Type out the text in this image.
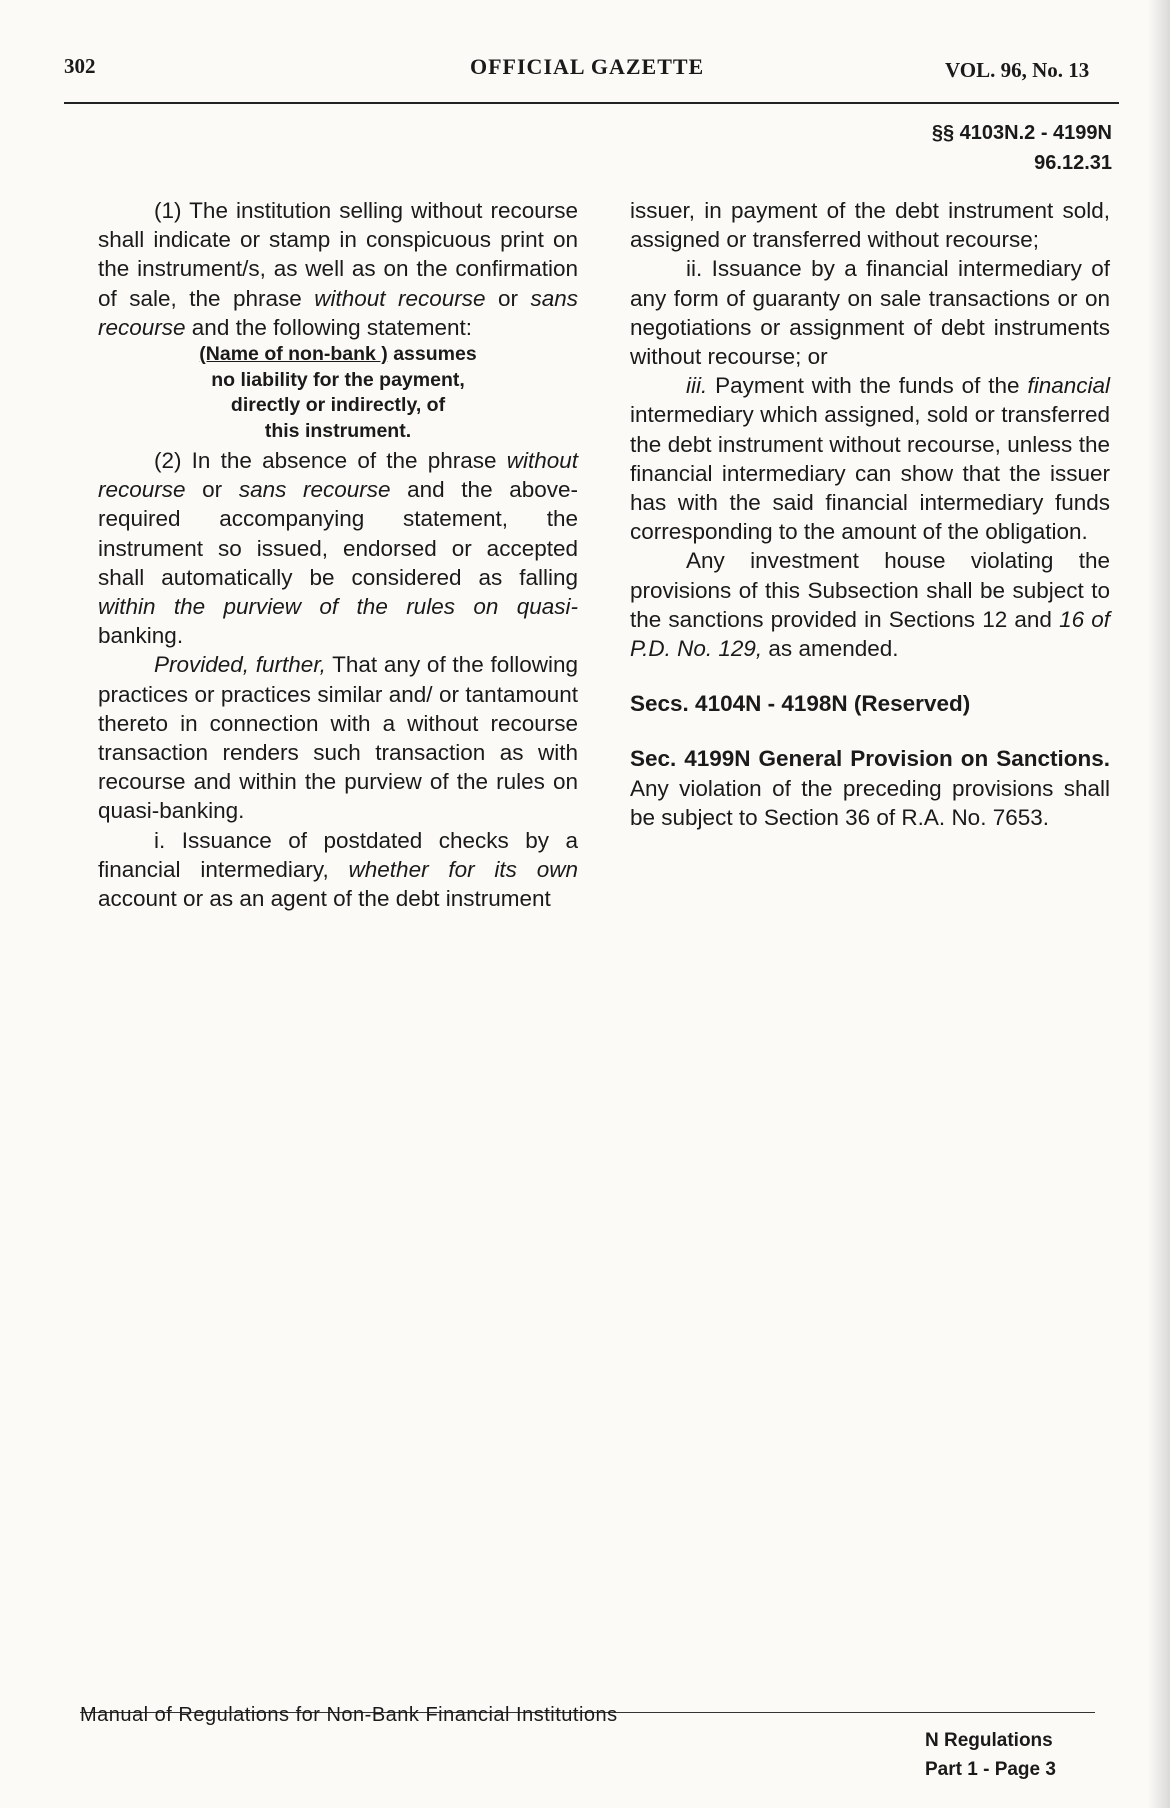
302	OFFICIAL GAZETTE	VOL. 96, No. 13
§§ 4103N.2 - 4199N
96.12.31

(1) The institution selling without recourse shall indicate or stamp in conspicuous print on the instrument/s, as well as on the confirmation of sale, the phrase without recourse or sans recourse and the following statement:

(Name of non-bank ) assumes
no liability for the payment,
directly or indirectly, of
this instrument.

(2) In the absence of the phrase without recourse or sans recourse and the above-required accompanying statement, the instrument so issued, endorsed or accepted shall automatically be considered as falling within the purview of the rules on quasi-banking.

Provided, further, That any of the following practices or practices similar and/ or tantamount thereto in connection with a without recourse transaction renders such transaction as with recourse and within the purview of the rules on quasi-banking.

i. Issuance of postdated checks by a financial intermediary, whether for its own account or as an agent of the debt instrument

issuer, in payment of the debt instrument sold, assigned or transferred without recourse;

ii. Issuance by a financial intermediary of any form of guaranty on sale transactions or on negotiations or assignment of debt instruments without recourse; or

iii. Payment with the funds of the financial intermediary which assigned, sold or transferred the debt instrument without recourse, unless the financial intermediary can show that the issuer has with the said financial intermediary funds corresponding to the amount of the obligation.

Any investment house violating the provisions of this Subsection shall be subject to the sanctions provided in Sections 12 and 16 of P.D. No. 129, as amended.

Secs. 4104N - 4198N (Reserved)

Sec. 4199N General Provision on Sanctions. Any violation of the preceding provisions shall be subject to Section 36 of R.A. No. 7653.

Manual of Regulations for Non-Bank Financial Institutions
N Regulations
Part 1 - Page 3
